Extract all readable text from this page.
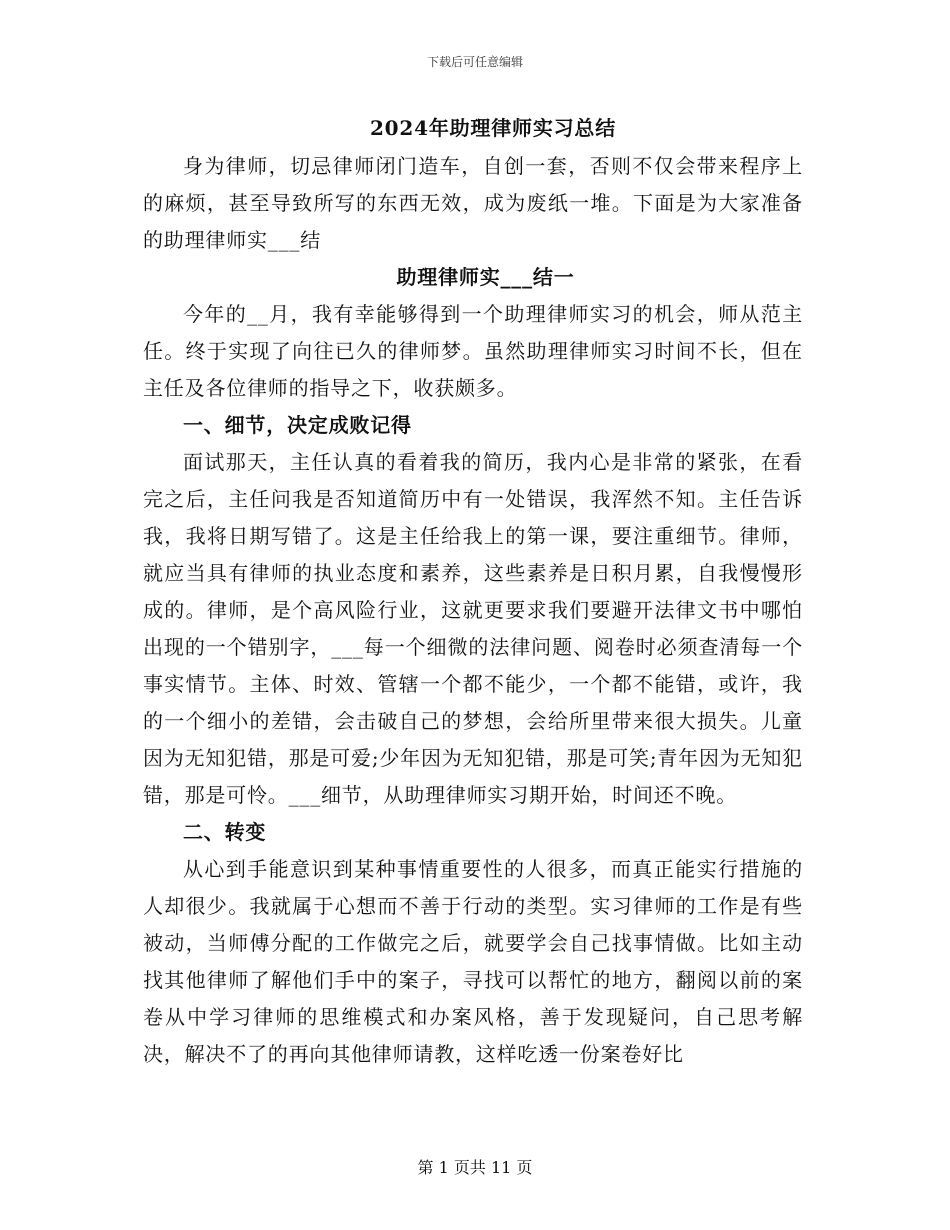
下载后可任意编辑
2024年助理律师实习总结

身为律师，切忌律师闭门造车，自创一套，否则不仅会带来程序上的麻烦，甚至导致所写的东西无效，成为废纸一堆。下面是为大家准备的助理律师实___结

助理律师实___结一

今年的__月，我有幸能够得到一个助理律师实习的机会，师从范主任。终于实现了向往已久的律师梦。虽然助理律师实习时间不长，但在主任及各位律师的指导之下，收获颇多。

一、细节，决定成败记得

面试那天，主任认真的看着我的简历，我内心是非常的紧张，在看完之后，主任问我是否知道简历中有一处错误，我浑然不知。主任告诉我，我将日期写错了。这是主任给我上的第一课，要注重细节。律师，就应当具有律师的执业态度和素养，这些素养是日积月累，自我慢慢形成的。律师，是个高风险行业，这就更要求我们要避开法律文书中哪怕出现的一个错别字，___每一个细微的法律问题、阅卷时必须查清每一个事实情节。主体、时效、管辖一个都不能少，一个都不能错，或许，我的一个细小的差错，会击破自己的梦想，会给所里带来很大损失。儿童因为无知犯错，那是可爱;少年因为无知犯错，那是可笑;青年因为无知犯错，那是可怜。___细节，从助理律师实习期开始，时间还不晚。

二、转变

从心到手能意识到某种事情重要性的人很多，而真正能实行措施的人却很少。我就属于心想而不善于行动的类型。实习律师的工作是有些被动，当师傅分配的工作做完之后，就要学会自己找事情做。比如主动找其他律师了解他们手中的案子，寻找可以帮忙的地方，翻阅以前的案卷从中学习律师的思维模式和办案风格，善于发现疑问，自己思考解决，解决不了的再向其他律师请教，这样吃透一份案卷好比

第 1 页共 11 页
